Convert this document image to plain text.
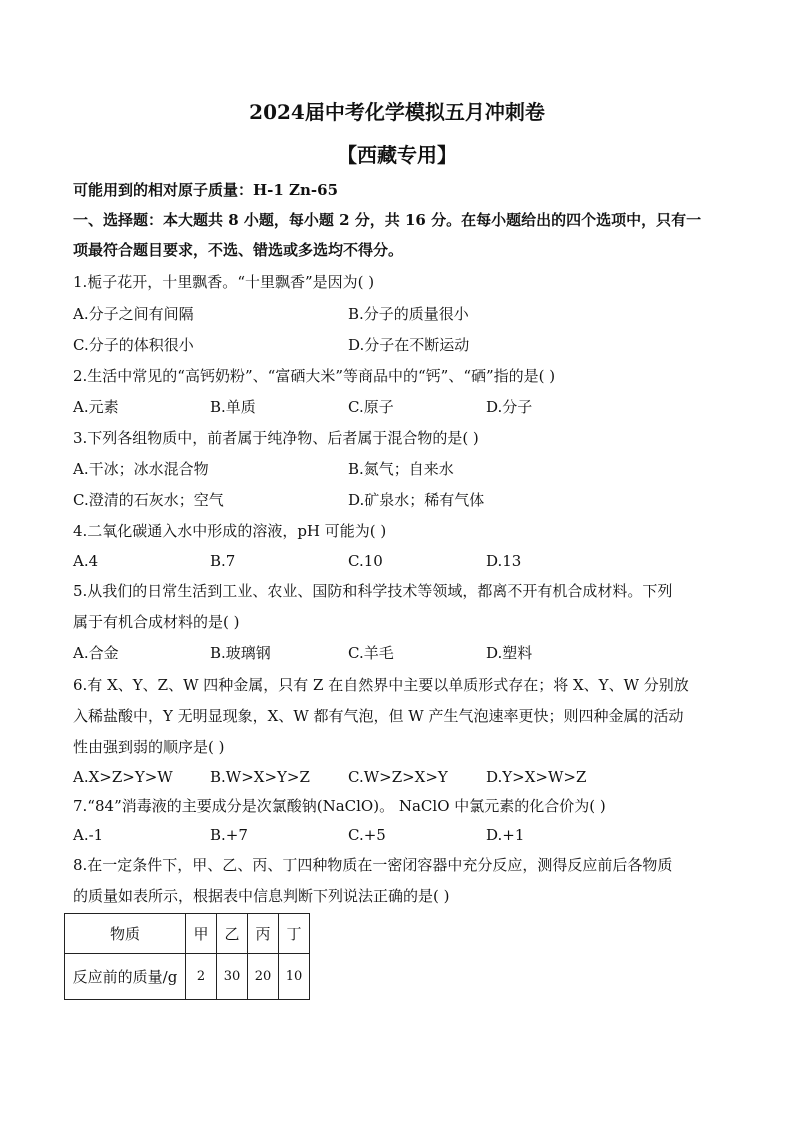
2024届中考化学模拟五月冲刺卷
【西藏专用】
可能用到的相对原子质量：H-1 Zn-65
一、选择题：本大题共 8 小题，每小题 2 分，共 16 分。在每小题给出的四个选项中，只有一
项最符合题目要求，不选、错选或多选均不得分。
1.栀子花开，十里飘香。“十里飘香”是因为( )
A.分子之间有间隔	B.分子的质量很小
C.分子的体积很小	D.分子在不断运动
2.生活中常见的“高钙奶粉”、“富硒大米”等商品中的“钙”、“硒”指的是( )
A.元素	B.单质	C.原子	D.分子
3.下列各组物质中，前者属于纯净物、后者属于混合物的是( )
A.干冰；冰水混合物	B.氮气；自来水
C.澄清的石灰水；空气	D.矿泉水；稀有气体
4.二氧化碳通入水中形成的溶液，pH 可能为( )
A.4	B.7	C.10	D.13
5.从我们的日常生活到工业、农业、国防和科学技术等领域，都离不开有机合成材料。下列
属于有机合成材料的是( )
A.合金	B.玻璃钢	C.羊毛	D.塑料
6.有 X、Y、Z、W 四种金属，只有 Z 在自然界中主要以单质形式存在；将 X、Y、W 分别放
入稀盐酸中，Y 无明显现象，X、W 都有气泡，但 W 产生气泡速率更快；则四种金属的活动
性由强到弱的顺序是( )
A.X>Z>Y>W B.W>X>Y>Z	C.W>Z>X>Y	D.Y>X>W>Z
7.“84”消毒液的主要成分是次氯酸钠(NaClO)。 NaClO 中氯元素的化合价为( )
A.-1	B.+7	C.+5	D.+1
8.在一定条件下，甲、乙、丙、丁四种物质在一密闭容器中充分反应，测得反应前后各物质
的质量如表所示，根据表中信息判断下列说法正确的是( )
物质	甲	乙	丙	丁
反应前的质量/g	2	30	20	10
